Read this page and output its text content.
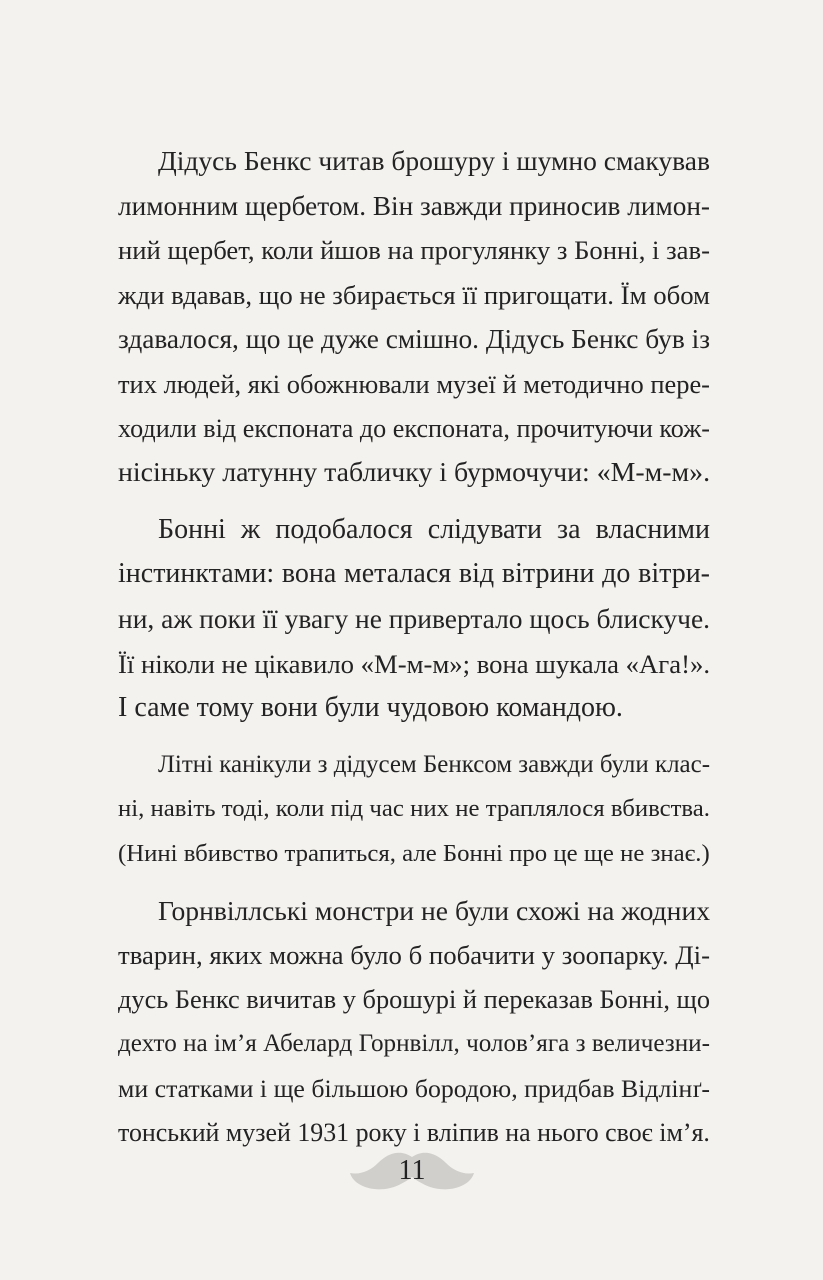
Дідусь Бенкс читав брошуру і шумно смакував
лимонним щербетом. Він завжди приносив лимон-
ний щербет, коли йшов на прогулянку з Бонні, і зав-
жди вдавав, що не збирається її пригощати. Їм обом
здавалося, що це дуже смішно. Дідусь Бенкс був із
тих людей, які обожнювали музеї й методично пере-
ходили від експоната до експоната, прочитуючи кож-
нісіньку латунну табличку і бурмочучи: «М-м-м».

Бонні ж подобалося слідувати за власними
інстинктами: вона металася від вітрини до вітри-
ни, аж поки її увагу не привертало щось блискуче.
Її ніколи не цікавило «М-м-м»; вона шукала «Ага!».
І саме тому вони були чудовою командою.

Літні канікули з дідусем Бенксом завжди були клас-
ні, навіть тоді, коли під час них не траплялося вбивства.
(Нині вбивство трапиться, але Бонні про це ще не знає.)

Горнвіллські монстри не були схожі на жодних
тварин, яких можна було б побачити у зоопарку. Ді-
дусь Бенкс вичитав у брошурі й переказав Бонні, що
дехто на ім’я Абелард Горнвілл, чолов’яга з величезни-
ми статками і ще більшою бородою, придбав Відлінґ-
тонський музей 1931 року і вліпив на нього своє ім’я.

11
